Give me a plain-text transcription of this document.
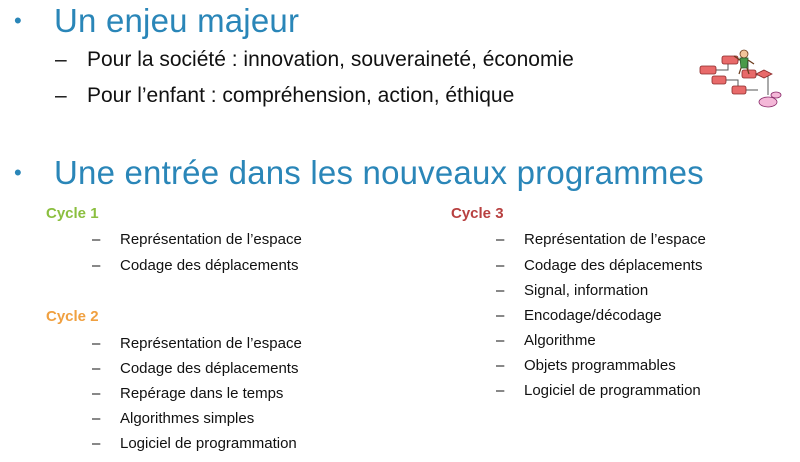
• Un enjeu majeur
– Pour la société : innovation, souveraineté, économie
– Pour l’enfant : compréhension, action, éthique
• Une entrée dans les nouveaux programmes
Cycle 1
–	Représentation de l’espace
–	Codage des déplacements
Cycle 2
–	Représentation de l’espace
–	Codage des déplacements
–	Repérage dans le temps
–	Algorithmes simples
–	Logiciel de programmation
Cycle 3
–	Représentation de l’espace
–	Codage des déplacements
–	Signal, information
–	Encodage/décodage
–	Algorithme
–	Objets programmables
–	Logiciel de programmation
